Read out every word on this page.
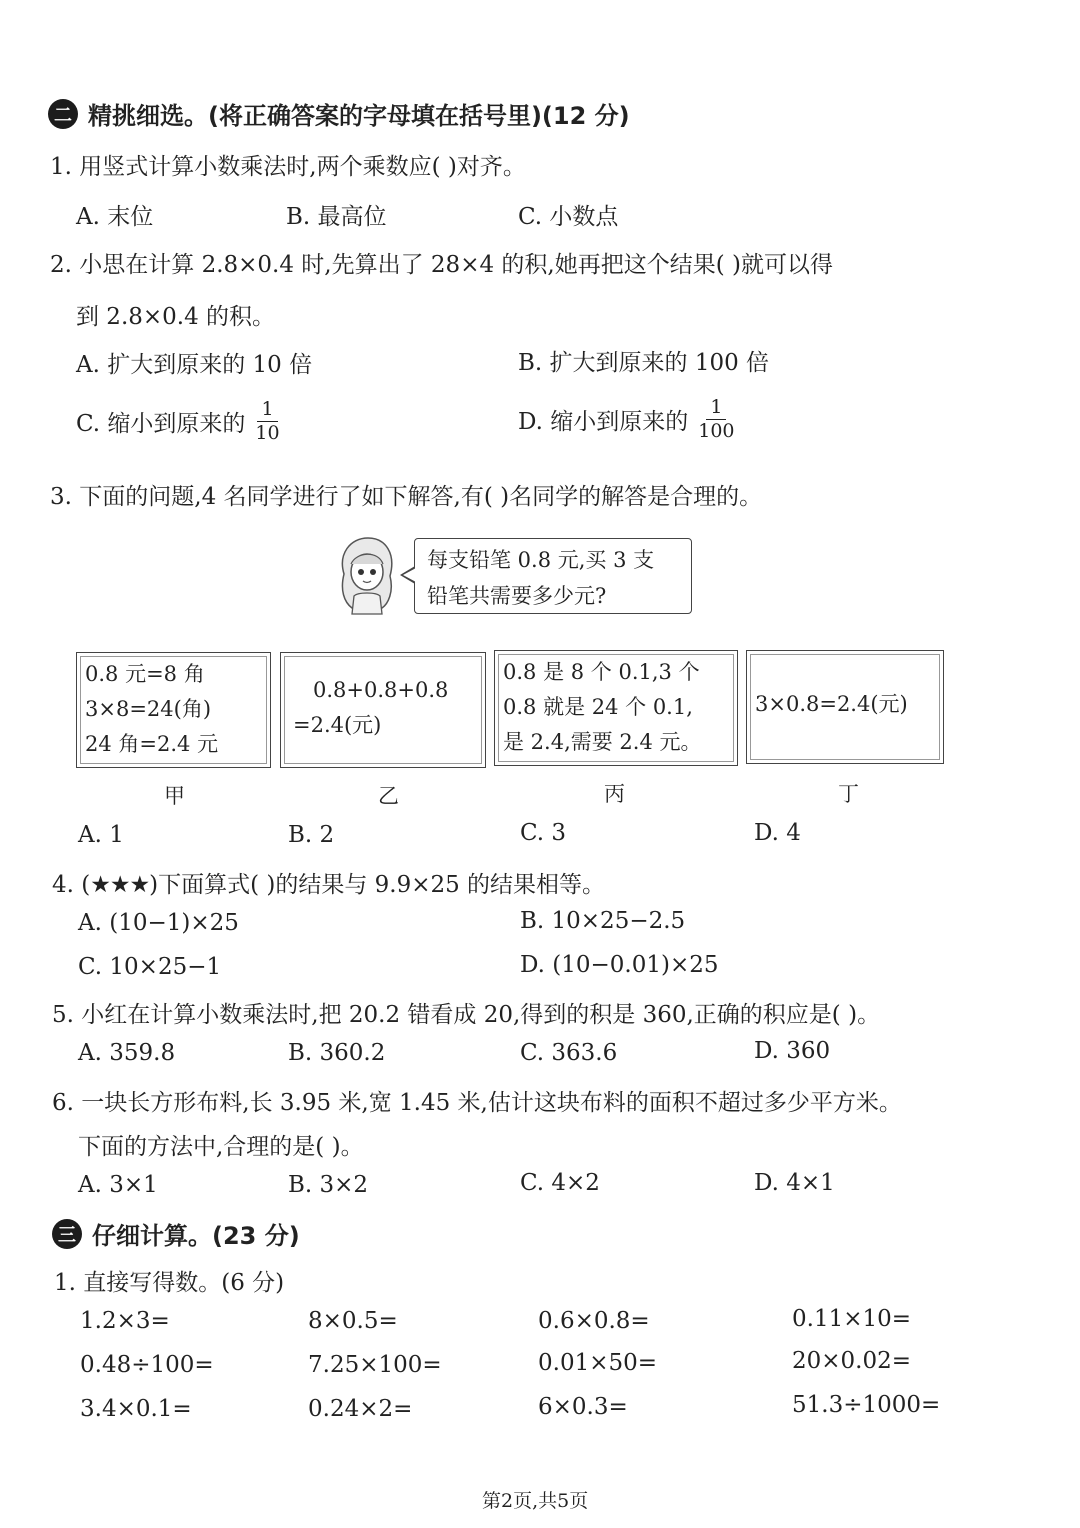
二 精挑细选。(将正确答案的字母填在括号里)(12 分)
1. 用竖式计算小数乘法时,两个乘数应( )对齐。
A. 末位	B. 最高位	C. 小数点
2. 小思在计算 2.8×0.4 时,先算出了 28×4 的积,她再把这个结果( )就可以得
到 2.8×0.4 的积。
A. 扩大到原来的 10 倍	B. 扩大到原来的 100 倍
C. 缩小到原来的 $\frac{1}{10}$	D. 缩小到原来的 $\frac{1}{100}$
3. 下面的问题,4 名同学进行了如下解答,有( )名同学的解答是合理的。
每支铅笔 0.8 元,买 3 支
铅笔共需要多少元?
0.8 元=8 角
3×8=24(角)
24 角=2.4 元
0.8+0.8+0.8
=2.4(元)
0.8 是 8 个 0.1,3 个
0.8 就是 24 个 0.1,
是 2.4,需要 2.4 元。
3×0.8=2.4(元)
甲	乙	丙	丁
A. 1	B. 2	C. 3	D. 4
4. (★★★)下面算式( )的结果与 9.9×25 的结果相等。
A. (10−1)×25	B. 10×25−2.5
C. 10×25−1	D. (10−0.01)×25
5. 小红在计算小数乘法时,把 20.2 错看成 20,得到的积是 360,正确的积应是( )。
A. 359.8	B. 360.2	C. 363.6	D. 360
6. 一块长方形布料,长 3.95 米,宽 1.45 米,估计这块布料的面积不超过多少平方米。
下面的方法中,合理的是( )。
A. 3×1	B. 3×2	C. 4×2	D. 4×1
三 仔细计算。(23 分)
1. 直接写得数。(6 分)
1.2×3=	8×0.5=	0.6×0.8=	0.11×10=
0.48÷100=	7.25×100=	0.01×50=	20×0.02=
3.4×0.1=	0.24×2=	6×0.3=	51.3÷1000=
第2页,共5页
